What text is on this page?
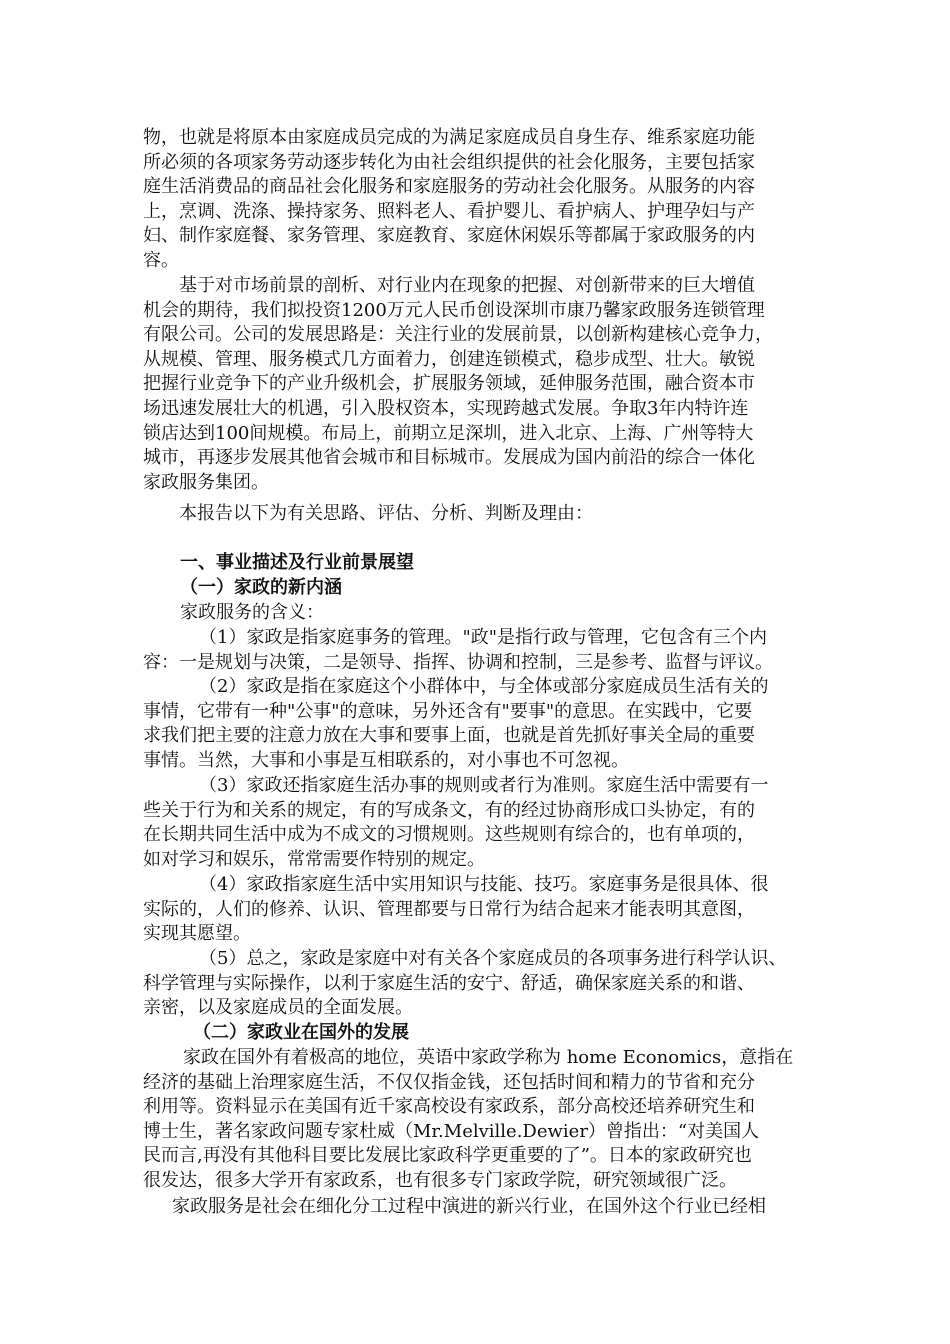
物，也就是将原本由家庭成员完成的为满足家庭成员自身生存、维系家庭功能
所必须的各项家务劳动逐步转化为由社会组织提供的社会化服务，主要包括家
庭生活消费品的商品社会化服务和家庭服务的劳动社会化服务。从服务的内容
上，烹调、洗涤、操持家务、照料老人、看护婴儿、看护病人、护理孕妇与产
妇、制作家庭餐、家务管理、家庭教育、家庭休闲娱乐等都属于家政服务的内
容。
　　基于对市场前景的剖析、对行业内在现象的把握、对创新带来的巨大增值
机会的期待，我们拟投资1200万元人民币创设深圳市康乃馨家政服务连锁管理
有限公司。公司的发展思路是：关注行业的发展前景，以创新构建核心竞争力，
从规模、管理、服务模式几方面着力，创建连锁模式，稳步成型、壮大。敏锐
把握行业竞争下的产业升级机会，扩展服务领域，延伸服务范围，融合资本市
场迅速发展壮大的机遇，引入股权资本，实现跨越式发展。争取3年内特许连
锁店达到100间规模。布局上，前期立足深圳，进入北京、上海、广州等特大
城市，再逐步发展其他省会城市和目标城市。发展成为国内前沿的综合一体化
家政服务集团。
　　本报告以下为有关思路、评估、分析、判断及理由：
一、事业描述及行业前景展望
（一）家政的新内涵
家政服务的含义：
（1）家政是指家庭事务的管理。"政"是指行政与管理，它包含有三个内
容：一是规划与决策，二是领导、指挥、协调和控制，三是参考、监督与评议。
（2）家政是指在家庭这个小群体中，与全体或部分家庭成员生活有关的
事情，它带有一种"公事"的意味，另外还含有"要事"的意思。在实践中，它要
求我们把主要的注意力放在大事和要事上面，也就是首先抓好事关全局的重要
事情。当然，大事和小事是互相联系的，对小事也不可忽视。
（3）家政还指家庭生活办事的规则或者行为准则。家庭生活中需要有一
些关于行为和关系的规定，有的写成条文，有的经过协商形成口头协定，有的
在长期共同生活中成为不成文的习惯规则。这些规则有综合的，也有单项的，
如对学习和娱乐，常常需要作特别的规定。
（4）家政指家庭生活中实用知识与技能、技巧。家庭事务是很具体、很
实际的，人们的修养、认识、管理都要与日常行为结合起来才能表明其意图，
实现其愿望。
（5）总之，家政是家庭中对有关各个家庭成员的各项事务进行科学认识、
科学管理与实际操作，以利于家庭生活的安宁、舒适，确保家庭关系的和谐、
亲密，以及家庭成员的全面发展。
（二）家政业在国外的发展
家政在国外有着极高的地位，英语中家政学称为 home Economics，意指在
经济的基础上治理家庭生活，不仅仅指金钱，还包括时间和精力的节省和充分
利用等。资料显示在美国有近千家高校设有家政系，部分高校还培养研究生和
博士生，著名家政问题专家杜威（Mr.Melville.Dewier）曾指出：“对美国人
民而言,再没有其他科目要比发展比家政科学更重要的了”。日本的家政研究也
很发达，很多大学开有家政系，也有很多专门家政学院，研究领域很广泛。
家政服务是社会在细化分工过程中演进的新兴行业，在国外这个行业已经相
